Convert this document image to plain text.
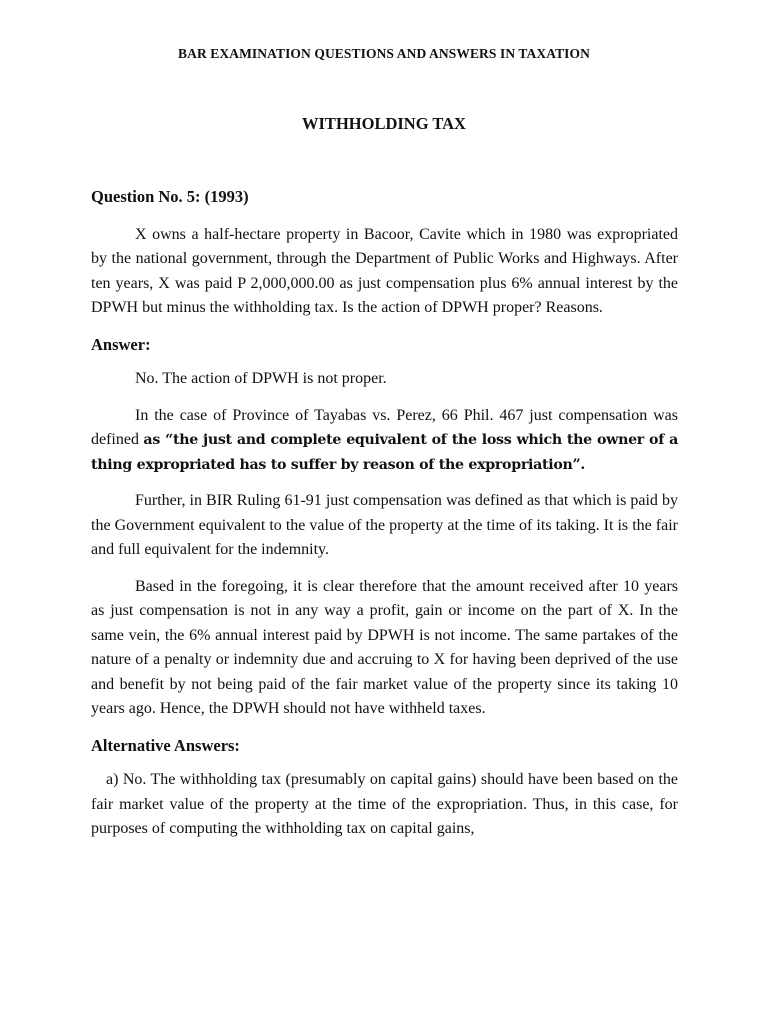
BAR EXAMINATION QUESTIONS AND ANSWERS IN TAXATION
WITHHOLDING TAX
Question No. 5: (1993)

X owns a half-hectare property in Bacoor, Cavite which in 1980 was expropriated by the national government, through the Department of Public Works and Highways. After ten years, X was paid P 2,000,000.00 as just compensation plus 6% annual interest by the DPWH but minus the withholding tax. Is the action of DPWH proper? Reasons.

Answer:

No. The action of DPWH is not proper.

In the case of Province of Tayabas vs. Perez, 66 Phil. 467 just compensation was defined as “the just and complete equivalent of the loss which the owner of a thing expropriated has to suffer by reason of the expropriation”.

Further, in BIR Ruling 61-91 just compensation was defined as that which is paid by the Government equivalent to the value of the property at the time of its taking. It is the fair and full equivalent for the indemnity.

Based in the foregoing, it is clear therefore that the amount received after 10 years as just compensation is not in any way a profit, gain or income on the part of X. In the same vein, the 6% annual interest paid by DPWH is not income. The same partakes of the nature of a penalty or indemnity due and accruing to X for having been deprived of the use and benefit by not being paid of the fair market value of the property since its taking 10 years ago. Hence, the DPWH should not have withheld taxes.

Alternative Answers:

a) No. The withholding tax (presumably on capital gains) should have been based on the fair market value of the property at the time of the expropriation. Thus, in this case, for purposes of computing the withholding tax on capital gains,
